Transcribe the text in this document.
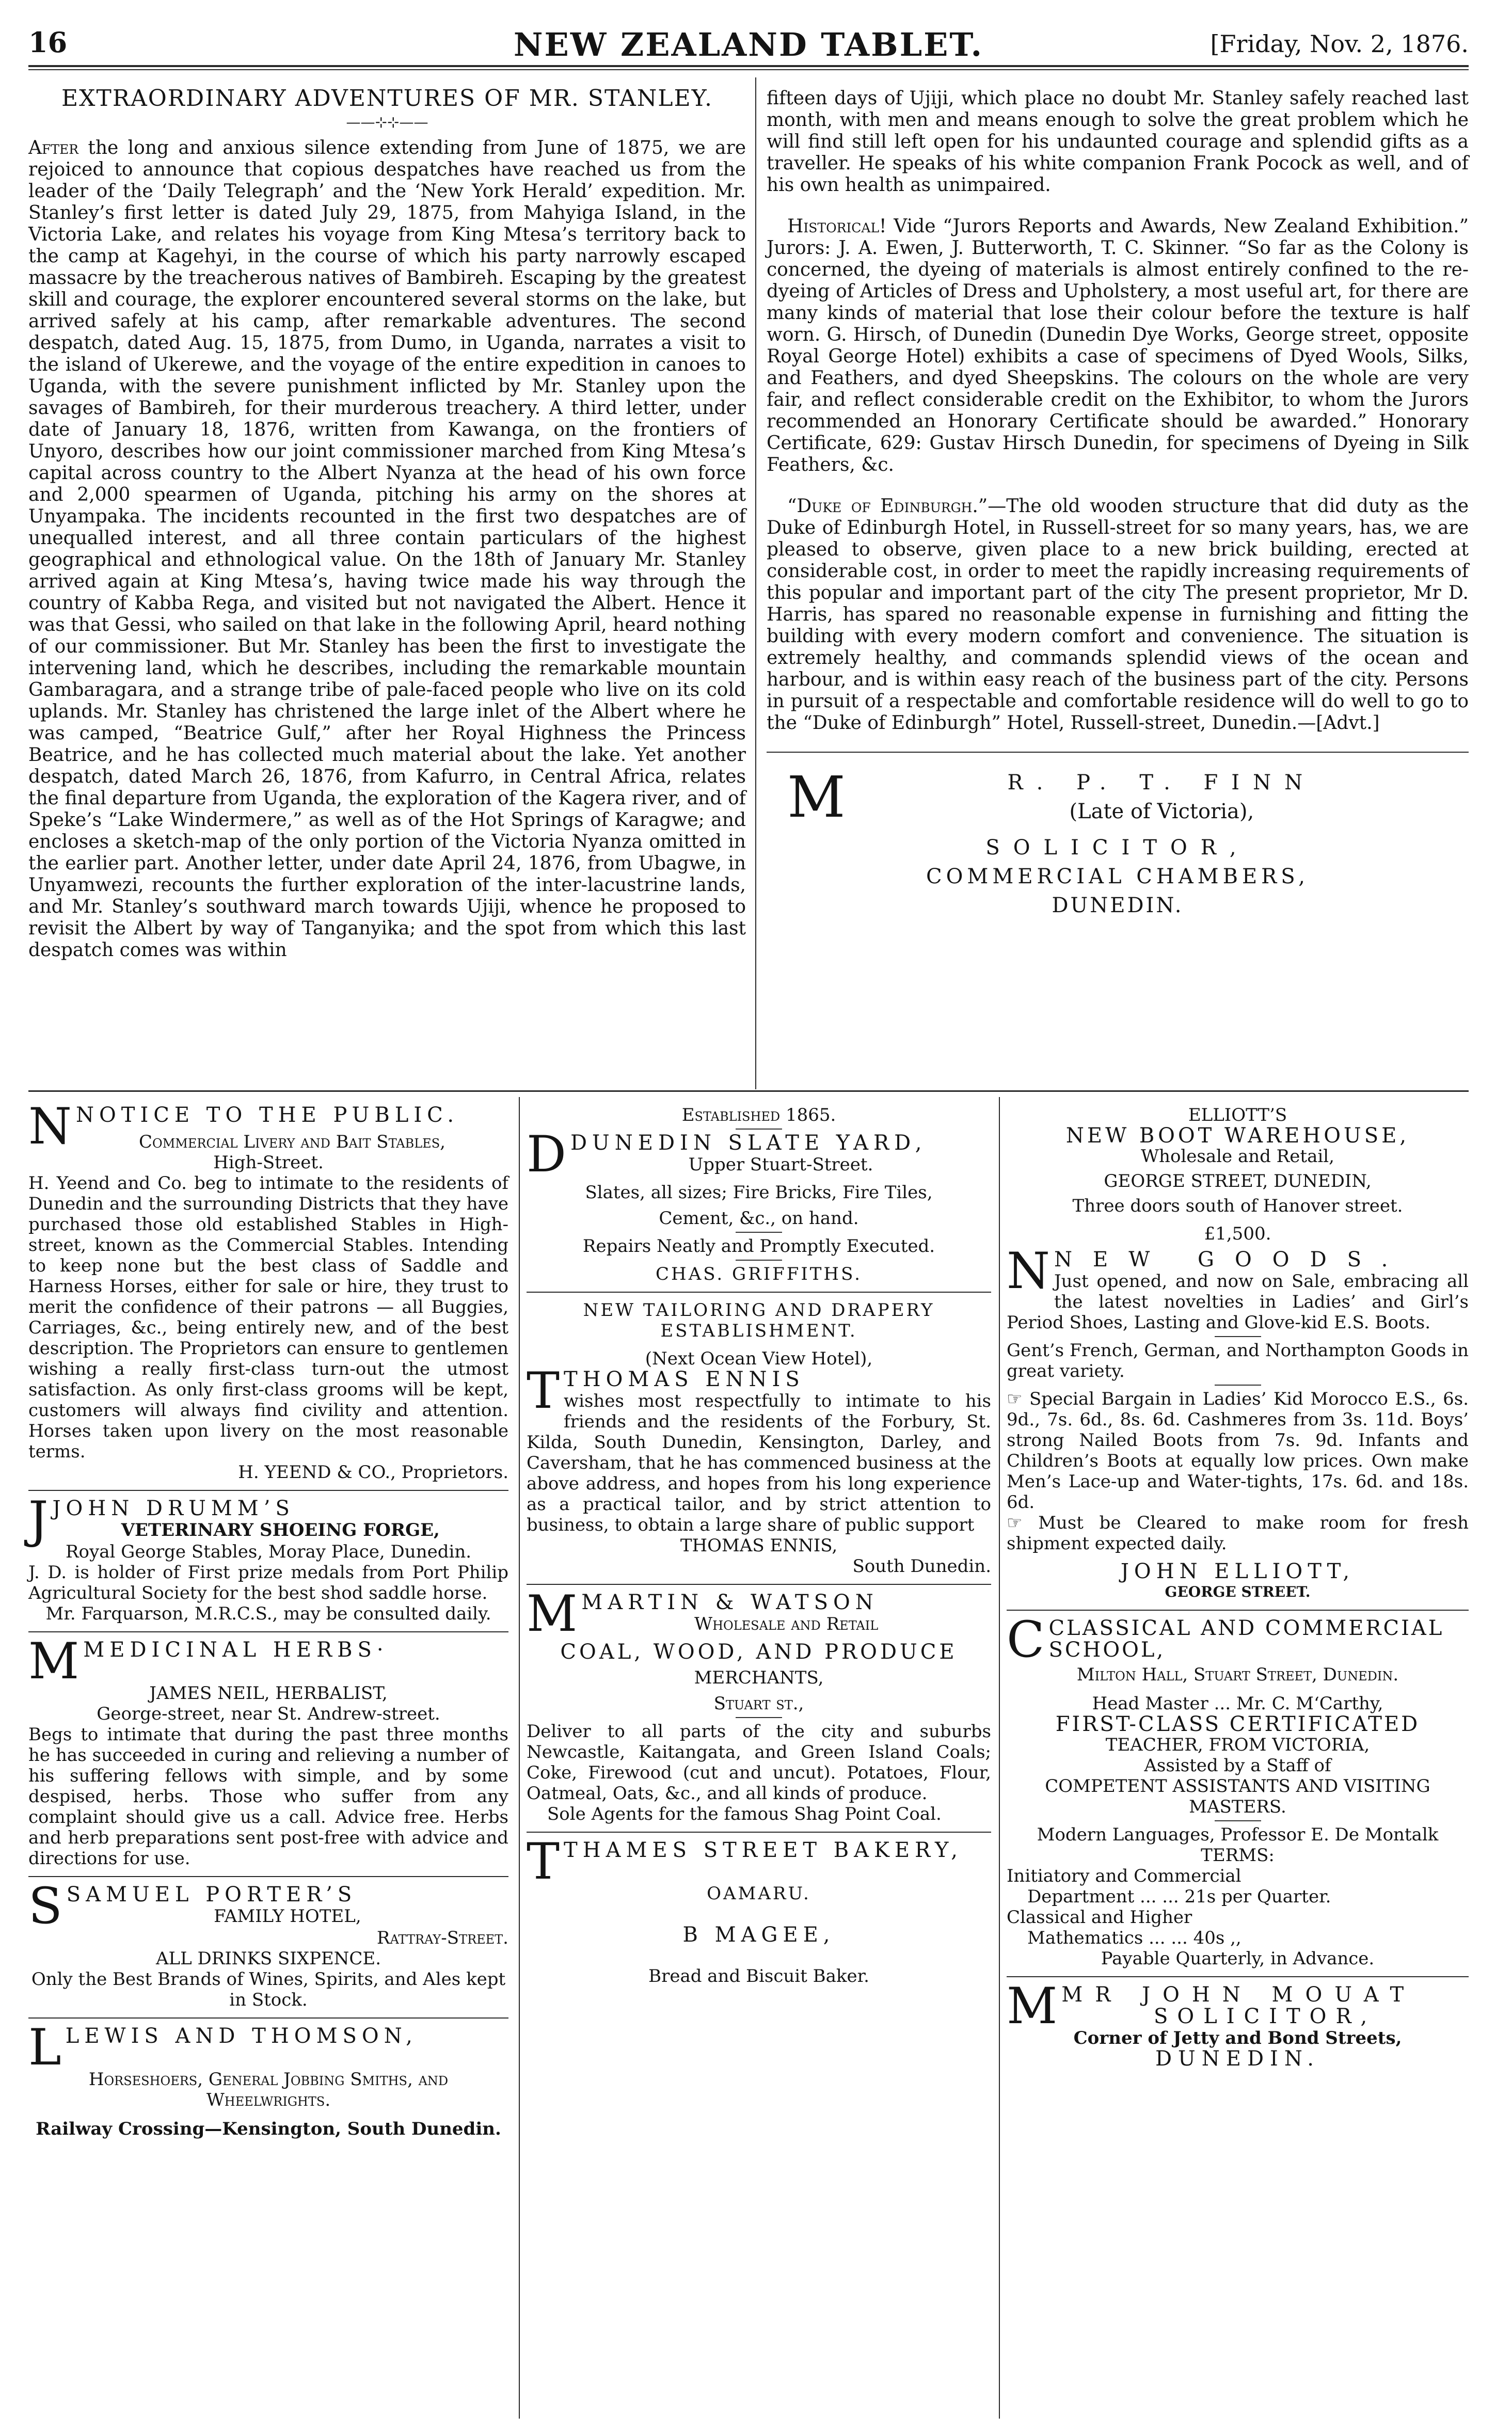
16	NEW ZEALAND TABLET.	[Friday, Nov. 2, 1876.
EXTRAORDINARY ADVENTURES OF MR. STANLEY.
——⊹⊹——

After the long and anxious silence extending from June of 1875, we are rejoiced to announce that copious despatches have reached us from the leader of the ‘Daily Telegraph’ and the ‘New York Herald’ expedition. Mr. Stanley’s first letter is dated July 29, 1875, from Mahyiga Island, in the Victoria Lake, and relates his voyage from King Mtesa’s territory back to the camp at Kagehyi, in the course of which his party narrowly escaped massacre by the treacherous natives of Bambireh. Escaping by the greatest skill and courage, the explorer encountered several storms on the lake, but arrived safely at his camp, after remarkable adventures. The second despatch, dated Aug. 15, 1875, from Dumo, in Uganda, narrates a visit to the island of Ukerewe, and the voyage of the entire expedition in canoes to Uganda, with the severe punishment inflicted by Mr. Stanley upon the savages of Bambireh, for their murderous treachery. A third letter, under date of January 18, 1876, written from Kawanga, on the frontiers of Unyoro, describes how our joint commissioner marched from King Mtesa’s capital across country to the Albert Nyanza at the head of his own force and 2,000 spearmen of Uganda, pitching his army on the shores at Unyampaka. The incidents recounted in the first two despatches are of unequalled interest, and all three contain particulars of the highest geographical and ethnological value. On the 18th of January Mr. Stanley arrived again at King Mtesa’s, having twice made his way through the country of Kabba Rega, and visited but not navigated the Albert. Hence it was that Gessi, who sailed on that lake in the following April, heard nothing of our commissioner. But Mr. Stanley has been the first to investigate the intervening land, which he describes, including the remarkable mountain Gambaragara, and a strange tribe of pale-faced people who live on its cold uplands. Mr. Stanley has christened the large inlet of the Albert where he was camped, “Beatrice Gulf,” after her Royal Highness the Princess Beatrice, and he has collected much material about the lake. Yet another despatch, dated March 26, 1876, from Kafurro, in Central Africa, relates the final departure from Uganda, the exploration of the Kagera river, and of Speke’s “Lake Windermere,” as well as of the Hot Springs of Karagwe; and encloses a sketch-map of the only portion of the Victoria Nyanza omitted in the earlier part. Another letter, under date April 24, 1876, from Ubagwe, in Unyamwezi, recounts the further exploration of the inter-lacustrine lands, and Mr. Stanley’s southward march towards Ujiji, whence he proposed to revisit the Albert by way of Tanganyika; and the spot from which this last despatch comes was within

fifteen days of Ujiji, which place no doubt Mr. Stanley safely reached last month, with men and means enough to solve the great problem which he will find still left open for his undaunted courage and splendid gifts as a traveller. He speaks of his white companion Frank Pocock as well, and of his own health as unimpaired.

Historical! Vide “Jurors Reports and Awards, New Zealand Exhibition.” Jurors: J. A. Ewen, J. Butterworth, T. C. Skinner. “So far as the Colony is concerned, the dyeing of materials is almost entirely confined to the re-dyeing of Articles of Dress and Upholstery, a most useful art, for there are many kinds of material that lose their colour before the texture is half worn. G. Hirsch, of Dunedin (Dunedin Dye Works, George street, opposite Royal George Hotel) exhibits a case of specimens of Dyed Wools, Silks, and Feathers, and dyed Sheepskins. The colours on the whole are very fair, and reflect considerable credit on the Exhibitor, to whom the Jurors recommended an Honorary Certificate should be awarded.” Honorary Certificate, 629: Gustav Hirsch Dunedin, for specimens of Dyeing in Silk Feathers, &c.

“Duke of Edinburgh.”—The old wooden structure that did duty as the Duke of Edinburgh Hotel, in Russell-street for so many years, has, we are pleased to observe, given place to a new brick building, erected at considerable cost, in order to meet the rapidly increasing requirements of this popular and important part of the city The present proprietor, Mr D. Harris, has spared no reasonable expense in furnishing and fitting the building with every modern comfort and convenience. The situation is extremely healthy, and commands splendid views of the ocean and harbour, and is within easy reach of the business part of the city. Persons in pursuit of a respectable and comfortable residence will do well to go to the “Duke of Edinburgh” Hotel, Russell-street, Dunedin.—[Advt.]

M	R. P. T. FINN
(Late of Victoria),
SOLICITOR,
COMMERCIAL CHAMBERS,
DUNEDIN.
NNOTICE TO THE PUBLIC.
Commercial Livery and Bait Stables,
High-Street.
H. Yeend and Co. beg to intimate to the residents of Dunedin and the surrounding Districts that they have purchased those old established Stables in High-street, known as the Commercial Stables. Intending to keep none but the best class of Saddle and Harness Horses, either for sale or hire, they trust to merit the confidence of their patrons — all Buggies, Carriages, &c., being entirely new, and of the best description. The Proprietors can ensure to gentlemen wishing a really first-class turn-out the utmost satisfaction. As only first-class grooms will be kept, customers will always find civility and attention. Horses taken upon livery on the most reasonable terms.
H. YEEND & CO., Proprietors.
JJOHN DRUMM’S
VETERINARY SHOEING FORGE,
Royal George Stables, Moray Place, Dunedin.
J. D. is holder of First prize medals from Port Philip Agricultural Society for the best shod saddle horse.
Mr. Farquarson, M.R.C.S., may be consulted daily.
MMEDICINAL HERBS·
JAMES NEIL, HERBALIST,
George-street, near St. Andrew-street.
Begs to intimate that during the past three months he has succeeded in curing and relieving a number of his suffering fellows with simple, and by some despised, herbs. Those who suffer from any complaint should give us a call. Advice free. Herbs and herb preparations sent post-free with advice and directions for use.
SSAMUEL PORTER’S
FAMILY HOTEL,
Rattray-Street.
ALL DRINKS SIXPENCE.
Only the Best Brands of Wines, Spirits, and Ales kept in Stock.
LLEWIS AND THOMSON,
Horseshoers, General Jobbing Smiths, and Wheelwrights.
Railway Crossing—Kensington, South Dunedin.
Established 1865.
DDUNEDIN SLATE YARD,
Upper Stuart-Street.
Slates, all sizes; Fire Bricks, Fire Tiles,
Cement, &c., on hand.
Repairs Neatly and Promptly Executed.
CHAS. GRIFFITHS.
NEW TAILORING AND DRAPERY ESTABLISHMENT.
(Next Ocean View Hotel),
TTHOMAS ENNIS
wishes most respectfully to intimate to his friends and the residents of the Forbury, St. Kilda, South Dunedin, Kensington, Darley, and Caversham, that he has commenced business at the above address, and hopes from his long experience as a practical tailor, and by strict attention to business, to obtain a large share of public support
THOMAS ENNIS,
South Dunedin.
MMARTIN & WATSON
Wholesale and Retail
COAL, WOOD, AND PRODUCE
MERCHANTS,
Stuart st.,
Deliver to all parts of the city and suburbs Newcastle, Kaitangata, and Green Island Coals; Coke, Firewood (cut and uncut). Potatoes, Flour, Oatmeal, Oats, &c., and all kinds of produce.
Sole Agents for the famous Shag Point Coal.
TTHAMES STREET BAKERY,
OAMARU.
B MAGEE,
Bread and Biscuit Baker.
ELLIOTT’S
NEW BOOT WAREHOUSE,
Wholesale and Retail,
GEORGE STREET, DUNEDIN,
Three doors south of Hanover street.
£1,500.
NNEW GOODS.
Just opened, and now on Sale, embracing all the latest novelties in Ladies’ and Girl’s Period Shoes, Lasting and Glove-kid E.S. Boots.
Gent’s French, German, and Northampton Goods in great variety.
☞ Special Bargain in Ladies’ Kid Morocco E.S., 6s. 9d., 7s. 6d., 8s. 6d. Cashmeres from 3s. 11d. Boys’ strong Nailed Boots from 7s. 9d. Infants and Children’s Boots at equally low prices. Own make Men’s Lace-up and Water-tights, 17s. 6d. and 18s. 6d.
☞ Must be Cleared to make room for fresh shipment expected daily.
JOHN ELLIOTT,
GEORGE STREET.
CCLASSICAL AND COMMERCIAL SCHOOL,
Milton Hall, Stuart Street, Dunedin.
Head Master ... Mr. C. M‘Carthy,
FIRST-CLASS CERTIFICATED
TEACHER, FROM VICTORIA,
Assisted by a Staff of
COMPETENT ASSISTANTS AND VISITING MASTERS.
Modern Languages, Professor E. De Montalk
TERMS:
Initiatory and Commercial
Department ... ... 21s per Quarter.
Classical and Higher
Mathematics ... ... 40s ,,
Payable Quarterly, in Advance.
MMR JOHN MOUAT
SOLICITOR,
Corner of Jetty and Bond Streets,
DUNEDIN.
